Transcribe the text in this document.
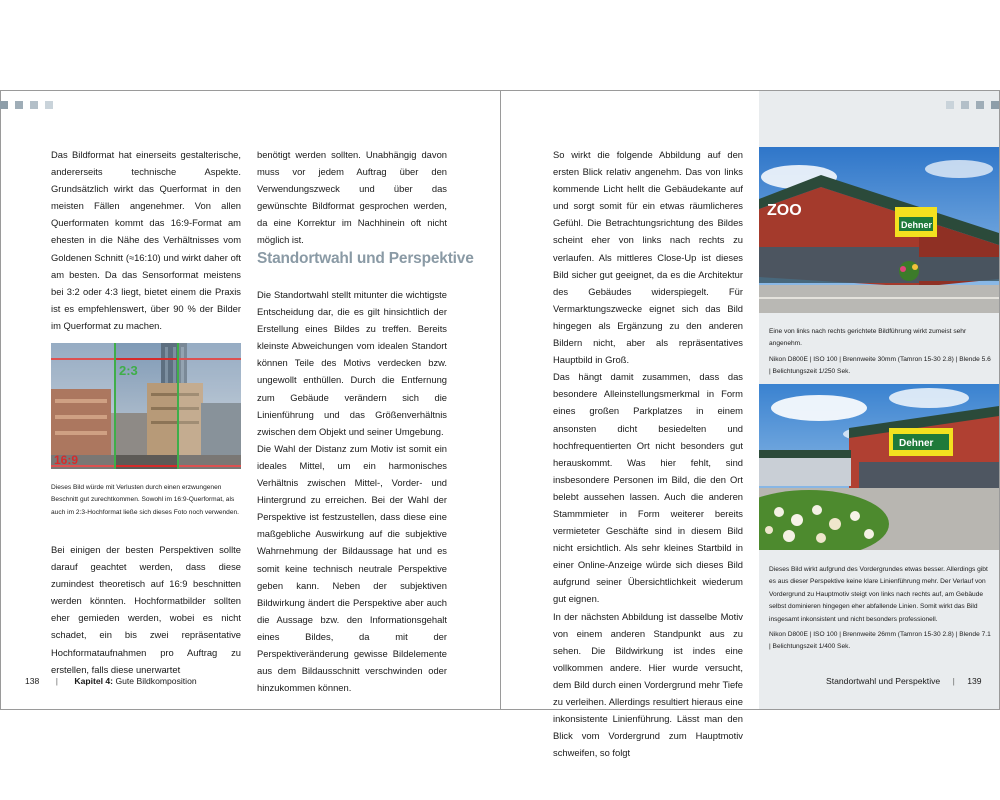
Das Bildformat hat einerseits gestalterische, andererseits technische Aspekte. Grundsätzlich wirkt das Querformat in den meisten Fällen angenehmer. Von allen Querformaten kommt das 16:9-Format am ehesten in die Nähe des Verhältnisses vom Goldenen Schnitt (≈16:10) und wirkt daher oft am besten. Da das Sensorformat meistens bei 3:2 oder 4:3 liegt, bietet einem die Praxis ist es empfehlenswert, über 90 % der Bilder im Querformat zu machen.

2:3
16:9

Dieses Bild würde mit Verlusten durch einen erzwungenen Beschnitt gut zurechtkommen. Sowohl im 16:9-Querformat, als auch im 2:3-Hochformat ließe sich dieses Foto noch verwenden.

Bei einigen der besten Perspektiven sollte darauf geachtet werden, dass diese zumindest theoretisch auf 16:9 beschnitten werden könnten. Hochformatbilder sollten eher gemieden werden, wobei es nicht schadet, ein bis zwei repräsentative Hochformataufnahmen pro Auftrag zu erstellen, falls diese unerwartet

benötigt werden sollten. Unabhängig davon muss vor jedem Auftrag über den Verwendungszweck und über das gewünschte Bildformat gesprochen werden, da eine Korrektur im Nachhinein oft nicht möglich ist.

Standortwahl und Perspektive

Die Standortwahl stellt mitunter die wichtigste Entscheidung dar, die es gilt hinsichtlich der Erstellung eines Bildes zu treffen. Bereits kleinste Abweichungen vom idealen Standort können Teile des Motivs verdecken bzw. ungewollt enthüllen. Durch die Entfernung zum Gebäude verändern sich die Linienführung und das Größenverhältnis zwischen dem Objekt und seiner Umgebung.

Die Wahl der Distanz zum Motiv ist somit ein ideales Mittel, um ein harmonisches Verhältnis zwischen Mittel-, Vorder- und Hintergrund zu erreichen. Bei der Wahl der Perspektive ist festzustellen, dass diese eine maßgebliche Auswirkung auf die subjektive Wahrnehmung der Bildaussage hat und es somit keine technisch neutrale Perspektive geben kann. Neben der subjektiven Bildwirkung ändert die Perspektive aber auch die Aussage bzw. den Informationsgehalt eines Bildes, da mit der Perspektiveränderung gewisse Bildelemente aus dem Bildausschnitt verschwinden oder hinzukommen können.

138 | Kapitel 4: Gute Bildkomposition

So wirkt die folgende Abbildung auf den ersten Blick relativ angenehm. Das von links kommende Licht hellt die Gebäudekante auf und sorgt somit für ein etwas räumlicheres Gefühl. Die Betrachtungsrichtung des Bildes scheint eher von links nach rechts zu verlaufen. Als mittleres Close-Up ist dieses Bild sicher gut geeignet, da es die Architektur des Gebäudes widerspiegelt. Für Vermarktungszwecke eignet sich das Bild hingegen als Ergänzung zu den anderen Bildern nicht, aber als repräsentatives Hauptbild in Groß.

Das hängt damit zusammen, dass das besondere Alleinstellungsmerkmal in Form eines großen Parkplatzes in einem ansonsten dicht besiedelten und hochfrequentierten Ort nicht besonders gut herauskommt. Was hier fehlt, sind insbesondere Personen im Bild, die den Ort belebt aussehen lassen. Auch die anderen Stammmieter in Form weiterer bereits vermieteter Geschäfte sind in diesem Bild nicht ersichtlich. Als sehr kleines Startbild in einer Online-Anzeige würde sich dieses Bild aufgrund seiner Übersichtlichkeit wiederum gut eignen.

In der nächsten Abbildung ist dasselbe Motiv von einem anderen Standpunkt aus zu sehen. Die Bildwirkung ist indes eine vollkommen andere. Hier wurde versucht, dem Bild durch einen Vordergrund mehr Tiefe zu verleihen. Allerdings resultiert hieraus eine inkonsistente Linienführung. Lässt man den Blick vom Vordergrund zum Hauptmotiv schweifen, so folgt

Dehner
ZOO

Eine von links nach rechts gerichtete Bildführung wirkt zumeist sehr angenehm.

Nikon D800E | ISO 100 | Brennweite 30mm (Tamron 15-30 2.8) | Blende 5.6 | Belichtungszeit 1/250 Sek.

Dehner

Dieses Bild wirkt aufgrund des Vordergrundes etwas besser. Allerdings gibt es aus dieser Perspektive keine klare Linienführung mehr. Der Verlauf von Vordergrund zu Hauptmotiv steigt von links nach rechts auf, am Gebäude selbst dominieren hingegen eher abfallende Linien. Somit wirkt das Bild insgesamt inkonsistent und nicht besonders professionell.

Nikon D800E | ISO 100 | Brennweite 26mm (Tamron 15-30 2.8) | Blende 7.1 | Belichtungszeit 1/400 Sek.

Standortwahl und Perspektive | 139
